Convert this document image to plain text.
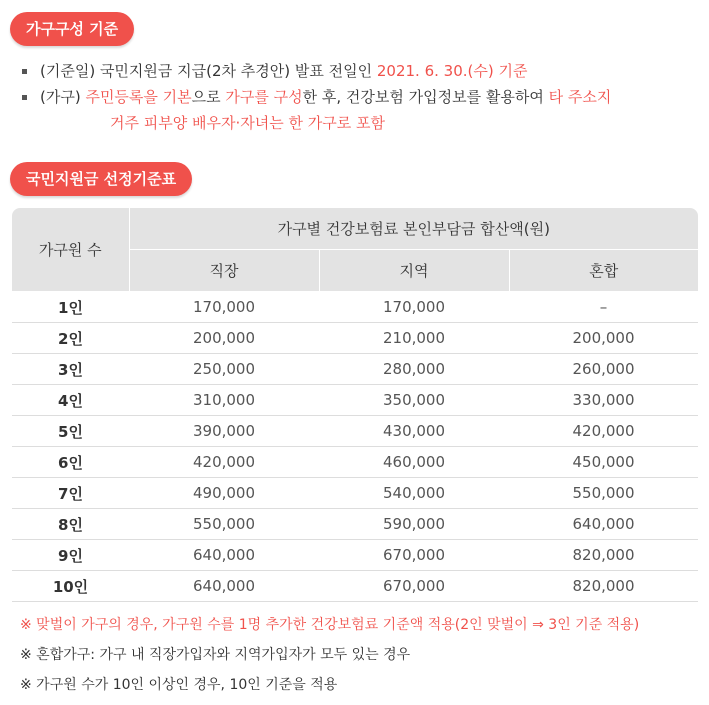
가구구성 기준
(기준일) 국민지원금 지급(2차 추경안) 발표 전일인 2021. 6. 30.(수) 기준
(가구) 주민등록을 기본으로 가구를 구성한 후, 건강보험 가입정보를 활용하여 타 주소지
거주 피부양 배우자·자녀는 한 가구로 포함
국민지원금 선정기준표
가구원 수	가구별 건강보험료 본인부담금 합산액(원)		
	직장	지역	혼합
1인	170,000	170,000	–
2인	200,000	210,000	200,000
3인	250,000	280,000	260,000
4인	310,000	350,000	330,000
5인	390,000	430,000	420,000
6인	420,000	460,000	450,000
7인	490,000	540,000	550,000
8인	550,000	590,000	640,000
9인	640,000	670,000	820,000
10인	640,000	670,000	820,000
※ 맞벌이 가구의 경우, 가구원 수를 1명 추가한 건강보험료 기준액 적용(2인 맞벌이 ⇒ 3인 기준 적용)
※ 혼합가구: 가구 내 직장가입자와 지역가입자가 모두 있는 경우
※ 가구원 수가 10인 이상인 경우, 10인 기준을 적용
